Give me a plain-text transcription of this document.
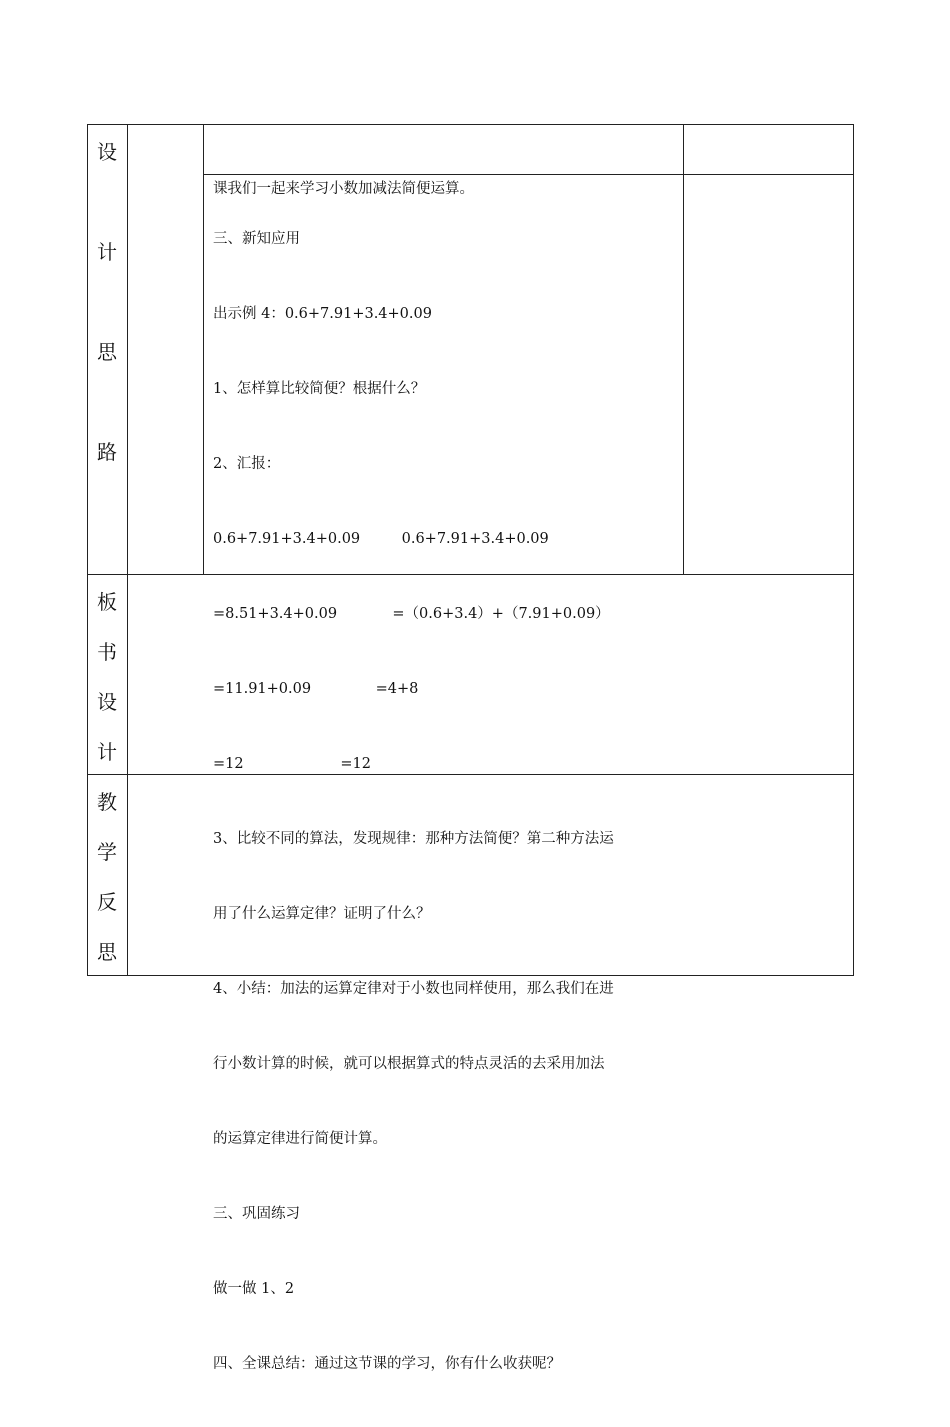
设
计
思
路

课我们一起来学习小数加减法简便运算。

三、新知应用

出示例 4：0.6+7.91+3.4+0.09

1、怎样算比较简便？根据什么？

2、汇报：

0.6+7.91+3.4+0.09         0.6+7.91+3.4+0.09

=8.51+3.4+0.09            =（0.6+3.4）+（7.91+0.09）

=11.91+0.09              =4+8

=12                     =12

3、比较不同的算法，发现规律：那种方法简便？第二种方法运

用了什么运算定律？证明了什么？

4、小结：加法的运算定律对于小数也同样使用，那么我们在进

行小数计算的时候，就可以根据算式的特点灵活的去采用加法

的运算定律进行简便计算。

三、巩固练习

做一做 1、2

四、全课总结：通过这节课的学习，你有什么收获呢？

板
书
设
计
教
学
反
思
